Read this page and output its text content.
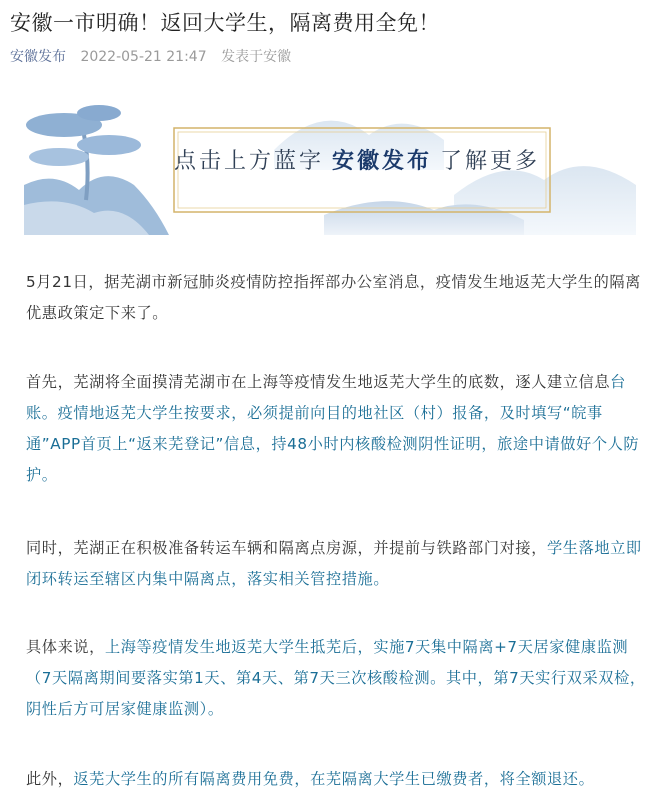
安徽一市明确！返回大学生，隔离费用全免！
安徽发布 2022-05-21 21:47 发表于安徽
点击上方蓝字 安徽发布 了解更多
5月21日，据芜湖市新冠肺炎疫情防控指挥部办公室消息，疫情发生地返芜大学生的隔离优惠政策定下来了。
首先，芜湖将全面摸清芜湖市在上海等疫情发生地返芜大学生的底数，逐人建立信息台账。疫情地返芜大学生按要求，必须提前向目的地社区（村）报备，及时填写“皖事通”APP首页上“返来芜登记”信息，持48小时内核酸检测阴性证明，旅途中请做好个人防护。
同时，芜湖正在积极准备转运车辆和隔离点房源，并提前与铁路部门对接，学生落地立即闭环转运至辖区内集中隔离点，落实相关管控措施。
具体来说，上海等疫情发生地返芜大学生抵芜后，实施7天集中隔离+7天居家健康监测（7天隔离期间要落实第1天、第4天、第7天三次核酸检测。其中，第7天实行双采双检，阴性后方可居家健康监测）。
此外，返芜大学生的所有隔离费用免费，在芜隔离大学生已缴费者，将全额退还。
